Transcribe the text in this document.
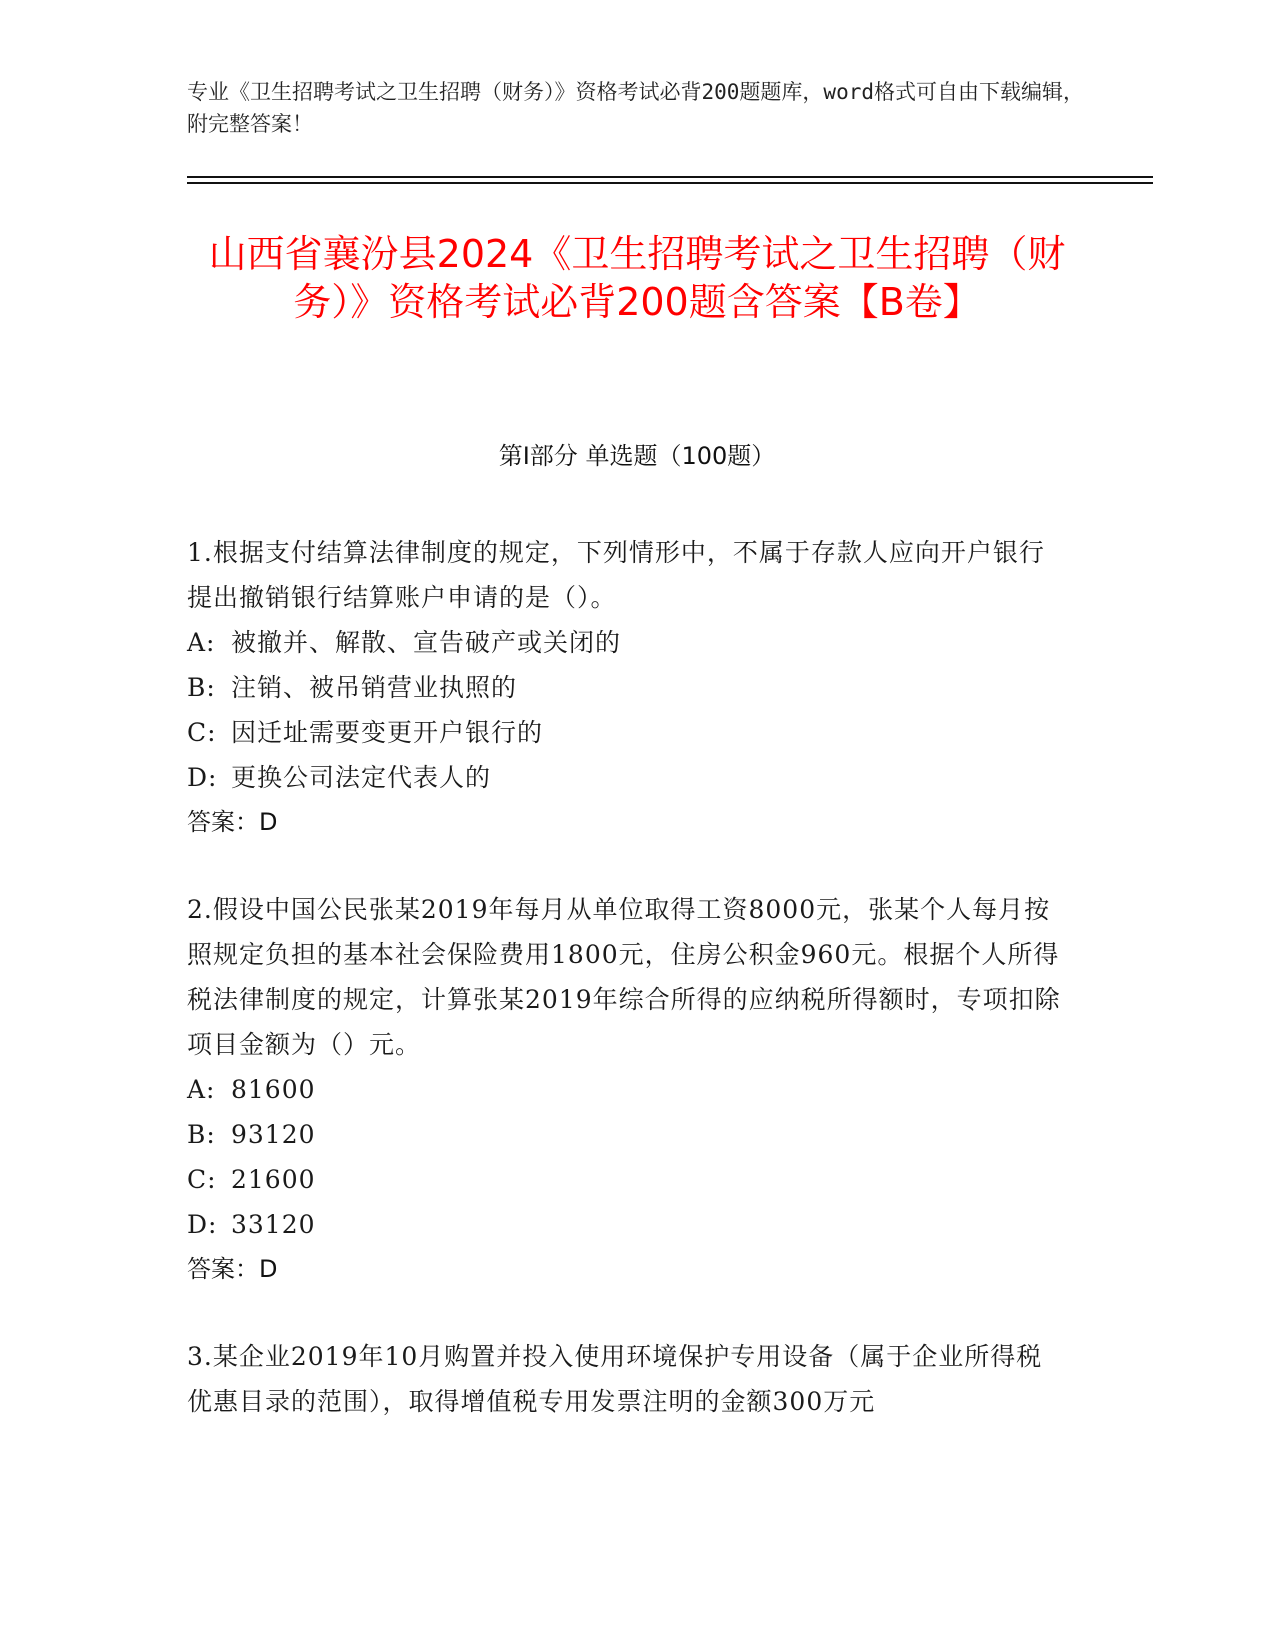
专业《卫生招聘考试之卫生招聘（财务）》资格考试必背200题题库，word格式可自由下载编辑，附完整答案！
山西省襄汾县2024《卫生招聘考试之卫生招聘（财务）》资格考试必背200题含答案【B卷】
第I部分 单选题（100题）
1.根据支付结算法律制度的规定，下列情形中，不属于存款人应向开户银行提出撤销银行结算账户申请的是（）。
A: 被撤并、解散、宣告破产或关闭的
B: 注销、被吊销营业执照的
C: 因迁址需要变更开户银行的
D: 更换公司法定代表人的
答案：D
2.假设中国公民张某2019年每月从单位取得工资8000元，张某个人每月按照规定负担的基本社会保险费用1800元，住房公积金960元。根据个人所得税法律制度的规定，计算张某2019年综合所得的应纳税所得额时，专项扣除项目金额为（）元。
A: 81600
B: 93120
C: 21600
D: 33120
答案：D
3.某企业2019年10月购置并投入使用环境保护专用设备（属于企业所得税优惠目录的范围），取得增值税专用发票注明的金额300万元
